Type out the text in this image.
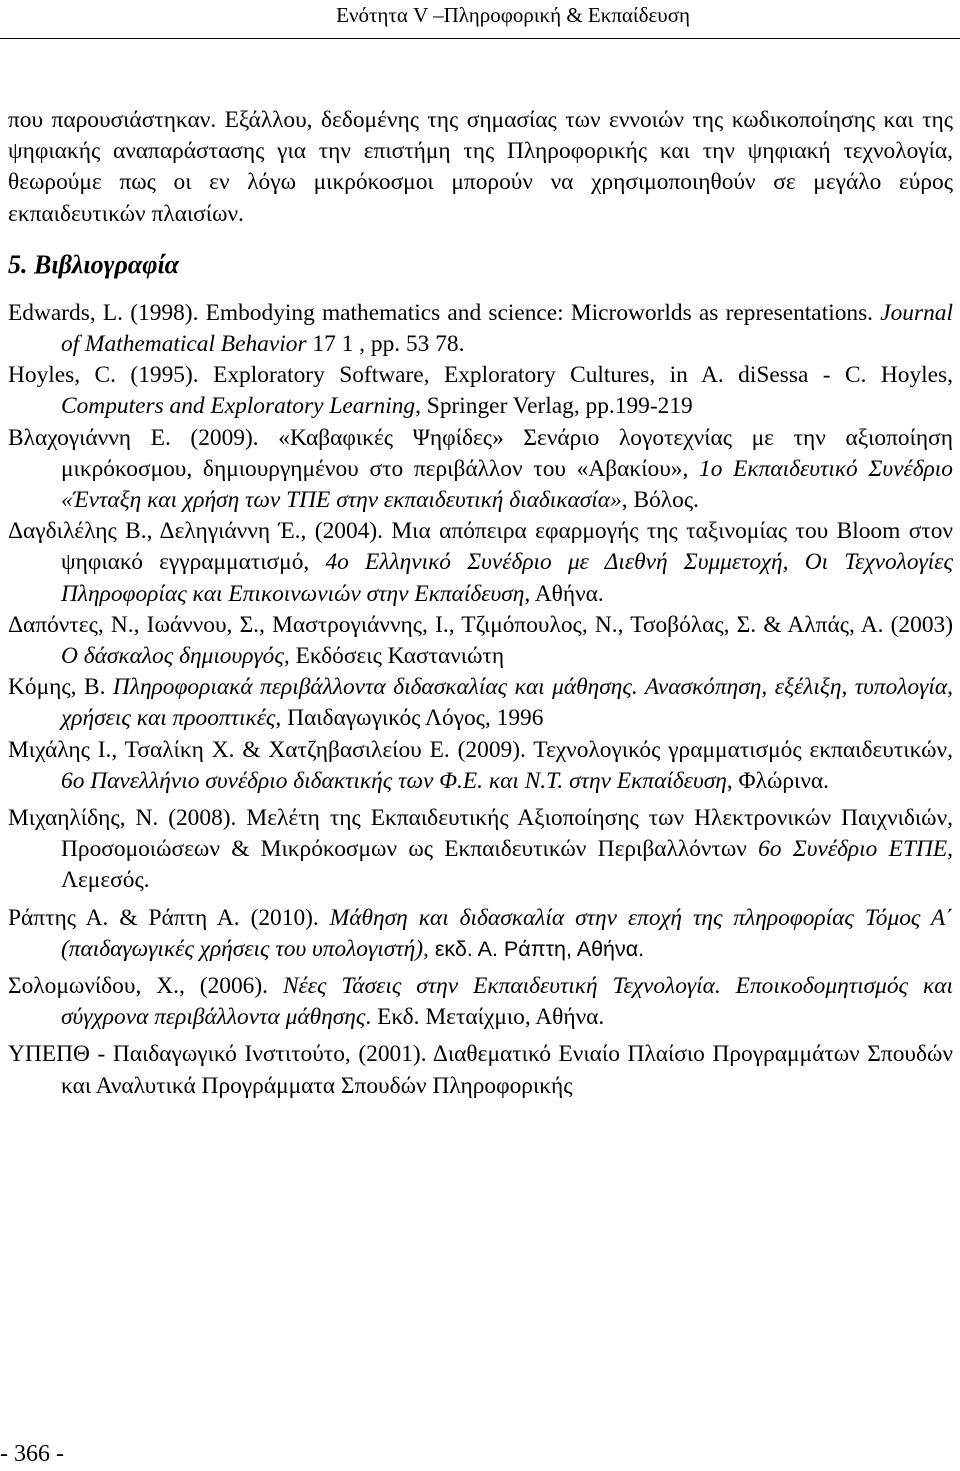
Ενότητα V –Πληροφορική & Εκπαίδευση

που παρουσιάστηκαν. Εξάλλου, δεδομένης της σημασίας των εννοιών της κωδικοποίησης και της ψηφιακής αναπαράστασης για την επιστήμη της Πληροφορικής και την ψηφιακή τεχνολογία, θεωρούμε πως οι εν λόγω μικρόκοσμοι μπορούν να χρησιμοποιηθούν σε μεγάλο εύρος εκπαιδευτικών πλαισίων.

5. Βιβλιογραφία

Edwards, L. (1998). Embodying mathematics and science: Microworlds as representations. Journal of Mathematical Behavior 17 1 , pp. 53 78.

Hoyles, C. (1995). Exploratory Software, Exploratory Cultures, in A. diSessa - C. Hoyles, Computers and Exploratory Learning, Springer Verlag, pp.199-219

Βλαχογιάννη Ε. (2009). «Καβαφικές Ψηφίδες» Σενάριο λογοτεχνίας με την αξιοποίηση μικρόκοσμου, δημιουργημένου στο περιβάλλον του «Αβακίου», 1ο Εκπαιδευτικό Συνέδριο «Ένταξη και χρήση των ΤΠΕ στην εκπαιδευτική διαδικασία», Βόλος.

Δαγδιλέλης Β., Δεληγιάννη Έ., (2004). Μια απόπειρα εφαρμογής της ταξινομίας του Bloom στον ψηφιακό εγγραμματισμό, 4ο Ελληνικό Συνέδριο με Διεθνή Συμμετοχή, Οι Τεχνολογίες Πληροφορίας και Επικοινωνιών στην Εκπαίδευση, Αθήνα.

Δαπόντες, Ν., Ιωάννου, Σ., Μαστρογιάννης, Ι., Τζιμόπουλος, Ν., Τσοβόλας, Σ. & Αλπάς, Α. (2003) Ο δάσκαλος δημιουργός, Εκδόσεις Καστανιώτη

Κόμης, Β. Πληροφοριακά περιβάλλοντα διδασκαλίας και μάθησης. Ανασκόπηση, εξέλιξη, τυπολογία, χρήσεις και προοπτικές, Παιδαγωγικός Λόγος, 1996

Μιχάλης Ι., Τσαλίκη Χ. & Χατζηβασιλείου Ε. (2009). Τεχνολογικός γραμματισμός εκπαιδευτικών, 6ο Πανελλήνιο συνέδριο διδακτικής των Φ.Ε. και Ν.Τ. στην Εκπαίδευση, Φλώρινα.

Μιχαηλίδης, Ν. (2008). Μελέτη της Εκπαιδευτικής Αξιοποίησης των Ηλεκτρονικών Παιχνιδιών, Προσομοιώσεων & Μικρόκοσμων ως Εκπαιδευτικών Περιβαλλόντων 6ο Συνέδριο ΕΤΠΕ, Λεμεσός.

Ράπτης Α. & Ράπτη Α. (2010). Μάθηση και διδασκαλία στην εποχή της πληροφορίας Τόμος Α΄ (παιδαγωγικές χρήσεις του υπολογιστή), εκδ. Α. Ράπτη, Αθήνα.

Σολομωνίδου, Χ., (2006). Νέες Τάσεις στην Εκπαιδευτική Τεχνολογία. Εποικοδομητισμός και σύγχρονα περιβάλλοντα μάθησης. Εκδ. Μεταίχμιο, Αθήνα.

ΥΠΕΠΘ - Παιδαγωγικό Ινστιτούτο, (2001). Διαθεματικό Ενιαίο Πλαίσιο Προγραμμάτων Σπουδών και Αναλυτικά Προγράμματα Σπουδών Πληροφορικής

- 366 -
